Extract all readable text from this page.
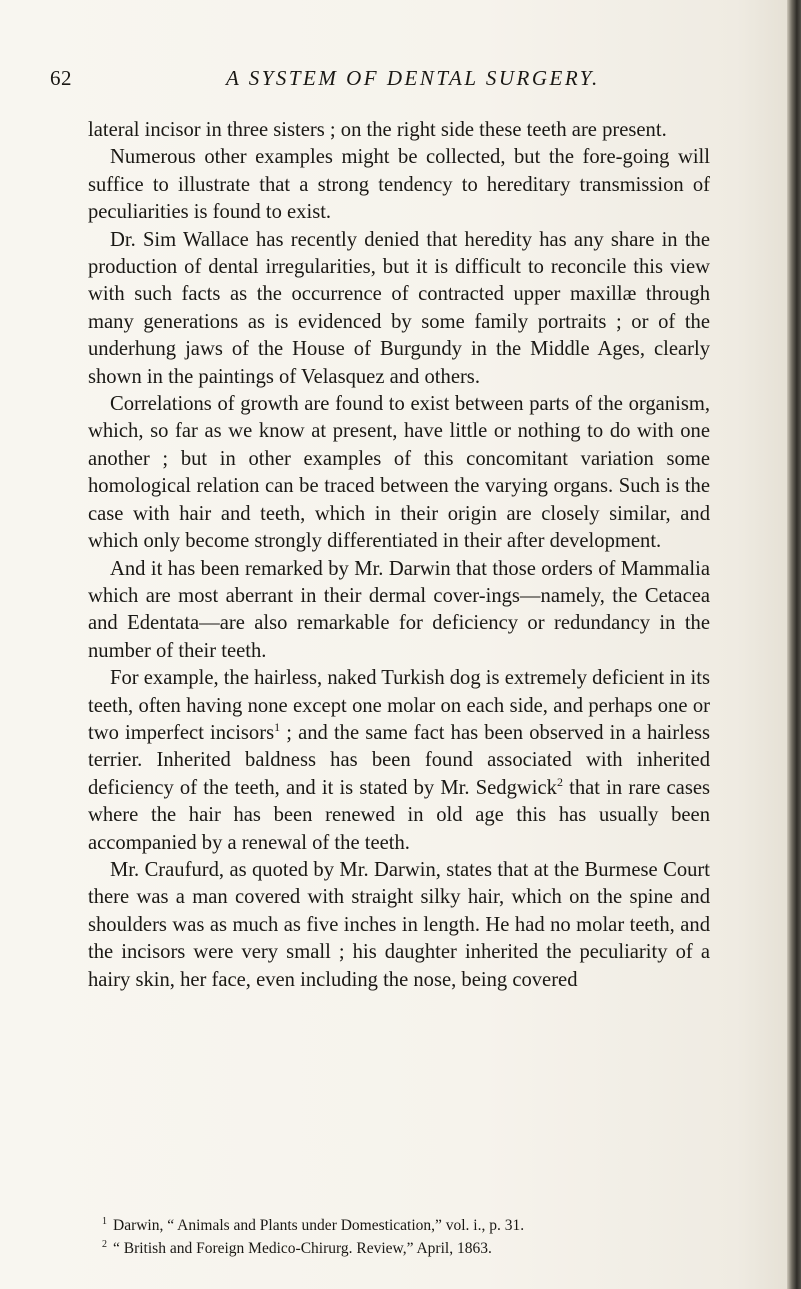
62	A SYSTEM OF DENTAL SURGERY.

lateral incisor in three sisters ; on the right side these teeth are present.

Numerous other examples might be collected, but the fore-going will suffice to illustrate that a strong tendency to hereditary transmission of peculiarities is found to exist.

Dr. Sim Wallace has recently denied that heredity has any share in the production of dental irregularities, but it is difficult to reconcile this view with such facts as the occurrence of contracted upper maxillæ through many generations as is evidenced by some family portraits ; or of the underhung jaws of the House of Burgundy in the Middle Ages, clearly shown in the paintings of Velasquez and others.

Correlations of growth are found to exist between parts of the organism, which, so far as we know at present, have little or nothing to do with one another ; but in other examples of this concomitant variation some homological relation can be traced between the varying organs. Such is the case with hair and teeth, which in their origin are closely similar, and which only become strongly differentiated in their after development.

And it has been remarked by Mr. Darwin that those orders of Mammalia which are most aberrant in their dermal cover-ings—namely, the Cetacea and Edentata—are also remarkable for deficiency or redundancy in the number of their teeth.

For example, the hairless, naked Turkish dog is extremely deficient in its teeth, often having none except one molar on each side, and perhaps one or two imperfect incisors$^1$ ; and the same fact has been observed in a hairless terrier. Inherited baldness has been found associated with inherited deficiency of the teeth, and it is stated by Mr. Sedgwick$^2$ that in rare cases where the hair has been renewed in old age this has usually been accompanied by a renewal of the teeth.

Mr. Craufurd, as quoted by Mr. Darwin, states that at the Burmese Court there was a man covered with straight silky hair, which on the spine and shoulders was as much as five inches in length. He had no molar teeth, and the incisors were very small ; his daughter inherited the peculiarity of a hairy skin, her face, even including the nose, being covered

$^1$ Darwin, “ Animals and Plants under Domestication,” vol. i., p. 31.
$^2$ “ British and Foreign Medico-Chirurg. Review,” April, 1863.
